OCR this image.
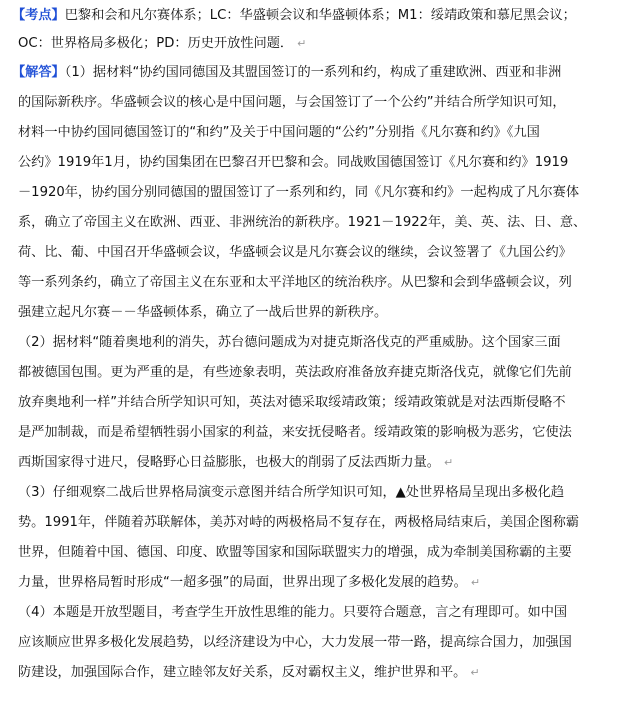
【考点】巴黎和会和凡尔赛体系；LC：华盛顿会议和华盛顿体系；M1：绥靖政策和慕尼黑会议；
OC：世界格局多极化；PD：历史开放性问题． ↵
【解答】（1）据材料“协约国同德国及其盟国签订的一系列和约，构成了重建欧洲、西亚和非洲
的国际新秩序。华盛顿会议的核心是中国问题，与会国签订了一个公约”并结合所学知识可知，
材料一中协约国同德国签订的“和约”及关于中国问题的“公约”分别指《凡尔赛和约》《九国
公约》1919年1月，协约国集团在巴黎召开巴黎和会。同战败国德国签订《凡尔赛和约》1919
－1920年，协约国分别同德国的盟国签订了一系列和约，同《凡尔赛和约》一起构成了凡尔赛体
系，确立了帝国主义在欧洲、西亚、非洲统治的新秩序。1921－1922年，美、英、法、日、意、
荷、比、葡、中国召开华盛顿会议，华盛顿会议是凡尔赛会议的继续，会议签署了《九国公约》
等一系列条约，确立了帝国主义在东亚和太平洋地区的统治秩序。从巴黎和会到华盛顿会议，列
强建立起凡尔赛－－华盛顿体系，确立了一战后世界的新秩序。
（2）据材料“随着奥地利的消失，苏台德问题成为对捷克斯洛伐克的严重威胁。这个国家三面
都被德国包围。更为严重的是，有些迹象表明，英法政府准备放弃捷克斯洛伐克，就像它们先前
放弃奥地利一样”并结合所学知识可知，英法对德采取绥靖政策；绥靖政策就是对法西斯侵略不
是严加制裁，而是希望牺牲弱小国家的利益，来安抚侵略者。绥靖政策的影响极为恶劣，它使法
西斯国家得寸进尺，侵略野心日益膨胀，也极大的削弱了反法西斯力量。 ↵
（3）仔细观察二战后世界格局演变示意图并结合所学知识可知，▲处世界格局呈现出多极化趋
势。1991年，伴随着苏联解体，美苏对峙的两极格局不复存在，两极格局结束后，美国企图称霸
世界，但随着中国、德国、印度、欧盟等国家和国际联盟实力的增强，成为牵制美国称霸的主要
力量，世界格局暂时形成“一超多强”的局面，世界出现了多极化发展的趋势。 ↵
（4）本题是开放型题目，考查学生开放性思维的能力。只要符合题意，言之有理即可。如中国
应该顺应世界多极化发展趋势，以经济建设为中心，大力发展一带一路，提高综合国力，加强国
防建设，加强国际合作，建立睦邻友好关系，反对霸权主义，维护世界和平。 ↵
